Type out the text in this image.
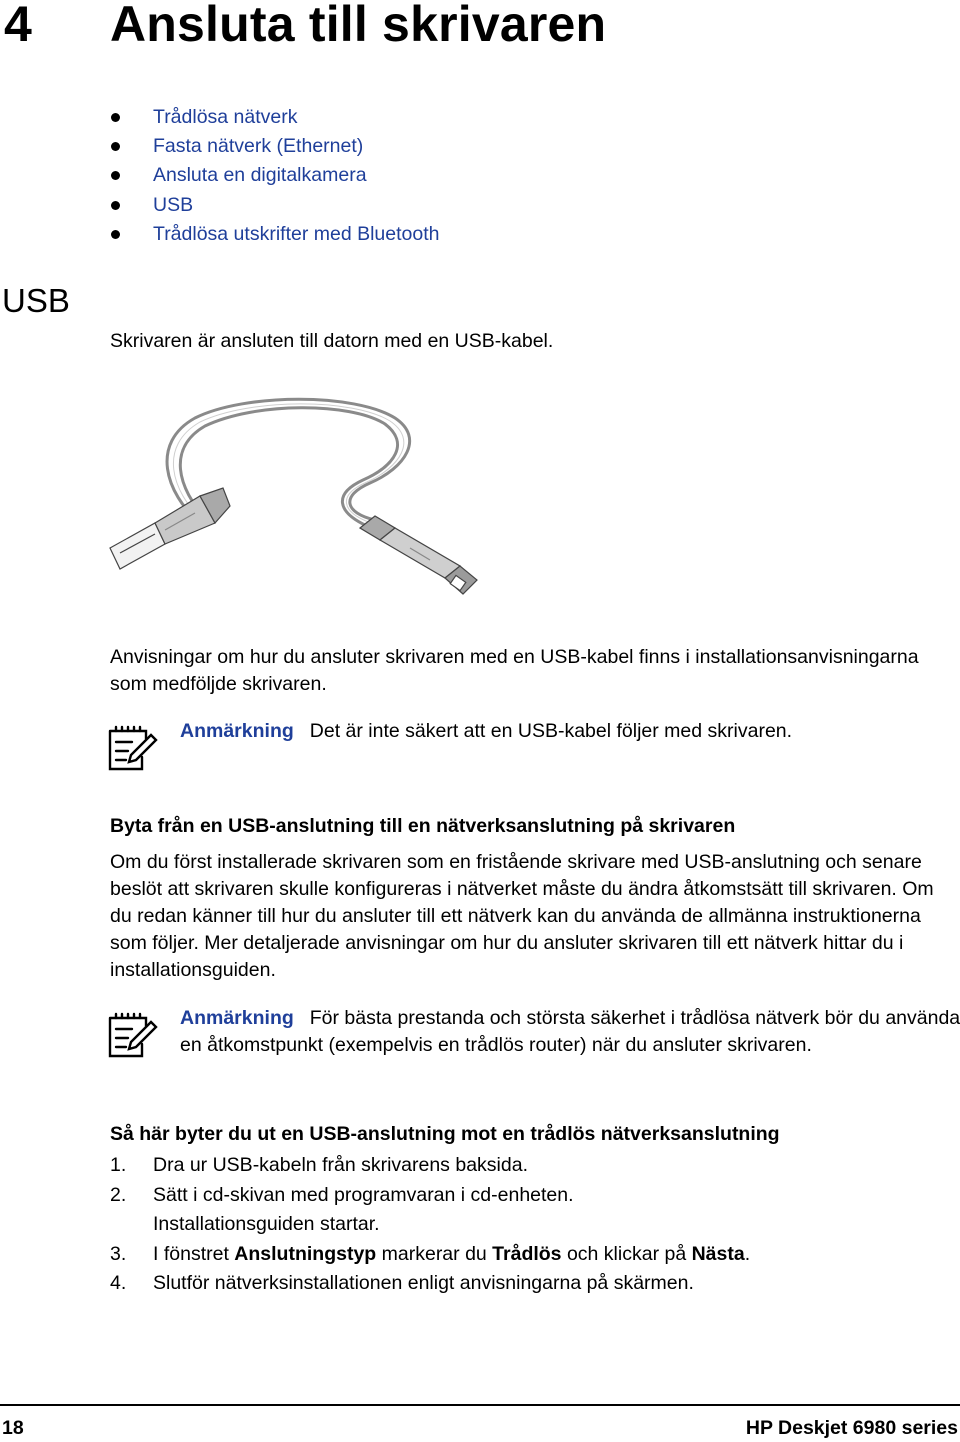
4 Ansluta till skrivaren
Trådlösa nätverk
Fasta nätverk (Ethernet)
Ansluta en digitalkamera
USB
Trådlösa utskrifter med Bluetooth
USB
Skrivaren är ansluten till datorn med en USB-kabel.
Anvisningar om hur du ansluter skrivaren med en USB-kabel finns i installationsanvisningarna som medföljde skrivaren.
Anmärkning Det är inte säkert att en USB-kabel följer med skrivaren.
Byta från en USB-anslutning till en nätverksanslutning på skrivaren
Om du först installerade skrivaren som en fristående skrivare med USB-anslutning och senare beslöt att skrivaren skulle konfigureras i nätverket måste du ändra åtkomstsätt till skrivaren. Om du redan känner till hur du ansluter till ett nätverk kan du använda de allmänna instruktionerna som följer. Mer detaljerade anvisningar om hur du ansluter skrivaren till ett nätverk hittar du i installationsguiden.
Anmärkning För bästa prestanda och största säkerhet i trådlösa nätverk bör du använda en åtkomstpunkt (exempelvis en trådlös router) när du ansluter skrivaren.
Så här byter du ut en USB-anslutning mot en trådlös nätverksanslutning
1.	Dra ur USB-kabeln från skrivarens baksida.
2.	Sätt i cd-skivan med programvaran i cd-enheten.
Installationsguiden startar.
3.	I fönstret Anslutningstyp markerar du Trådlös och klickar på Nästa.
4.	Slutför nätverksinstallationen enligt anvisningarna på skärmen.
18	HP Deskjet 6980 series
